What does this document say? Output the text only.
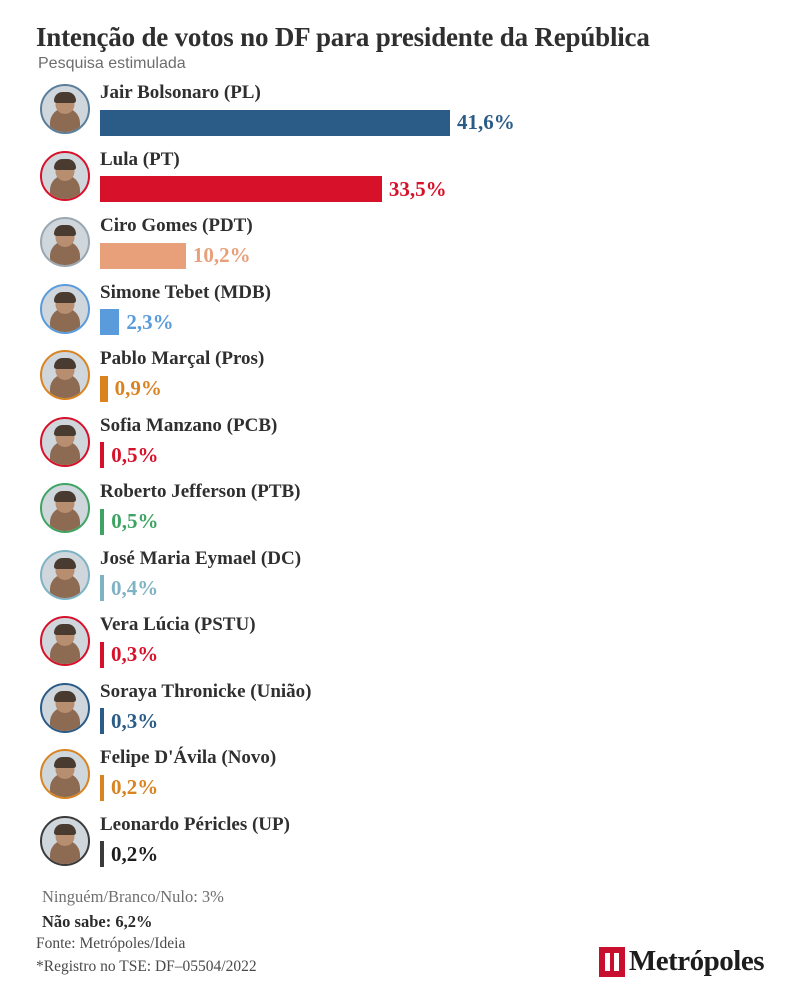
Intenção de votos no DF para presidente da República
Pesquisa estimulada
Jair Bolsonaro (PL)
41,6%
Lula (PT)
33,5%
Ciro Gomes (PDT)
10,2%
Simone Tebet (MDB)
2,3%
Pablo Marçal (Pros)
0,9%
Sofia Manzano (PCB)
0,5%
Roberto Jefferson (PTB)
0,5%
José Maria Eymael (DC)
0,4%
Vera Lúcia (PSTU)
0,3%
Soraya Thronicke (União)
0,3%
Felipe D'Ávila (Novo)
0,2%
Leonardo Péricles (UP)
0,2%
Ninguém/Branco/Nulo: 3%
Não sabe: 6,2%
Fonte: Metrópoles/Ideia
*Registro no TSE: DF–05504/2022	Metrópoles
